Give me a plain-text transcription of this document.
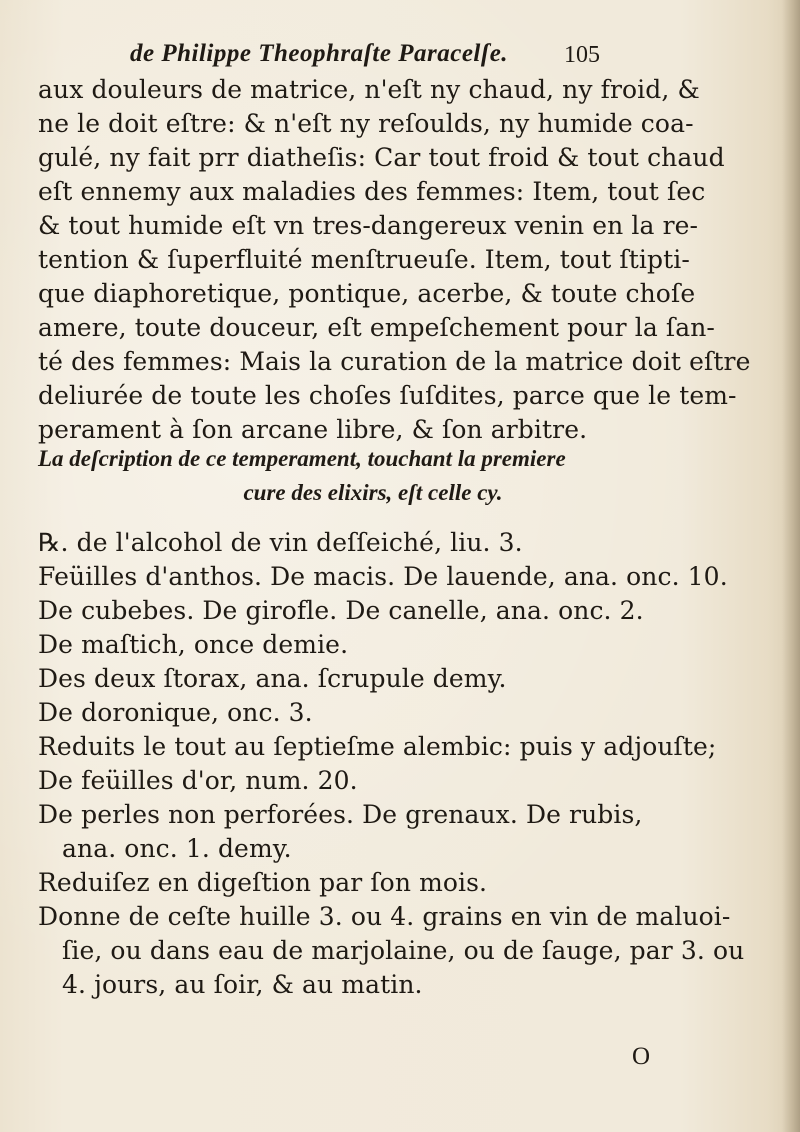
de Philippe Theophraſte Paracelſe. 105
aux douleurs de matrice, n'eſt ny chaud, ny froid, &
ne le doit eſtre: & n'eſt ny reſoulds, ny humide coa-
gulé, ny fait prr diatheſis: Car tout froid & tout chaud
eſt ennemy aux maladies des femmes: Item, tout ſec
& tout humide eſt vn tres-dangereux venin en la re-
tention & ſuperfluité menſtrueuſe. Item, tout ſtipti-
que diaphoretique, pontique, acerbe, & toute choſe
amere, toute douceur, eſt empeſchement pour la ſan-
té des femmes: Mais la curation de la matrice doit eſtre
deliurée de toute les choſes ſuſdites, parce que le tem-
perament à ſon arcane libre, & ſon arbitre.
La deſcription de ce temperament, touchant la premiere
cure des elixirs, eſt celle cy.
℞. de l'alcohol de vin deſſeiché, liu. 3.
Feüilles d'anthos. De macis. De lauende, ana. onc. 10.
De cubebes. De girofle. De canelle, ana. onc. 2.
De maſtich, once demie.
Des deux ſtorax, ana. ſcrupule demy.
De doronique, onc. 3.
Reduits le tout au ſeptieſme alembic: puis y adjouſte;
De feüilles d'or, num. 20.
De perles non perforées. De grenaux. De rubis,
ana. onc. 1. demy.
Reduiſez en digeſtion par ſon mois.
Donne de ceſte huille 3. ou 4. grains en vin de maluoi-
ſie, ou dans eau de marjolaine, ou de ſauge, par 3. ou
4. jours, au ſoir, & au matin.
O
